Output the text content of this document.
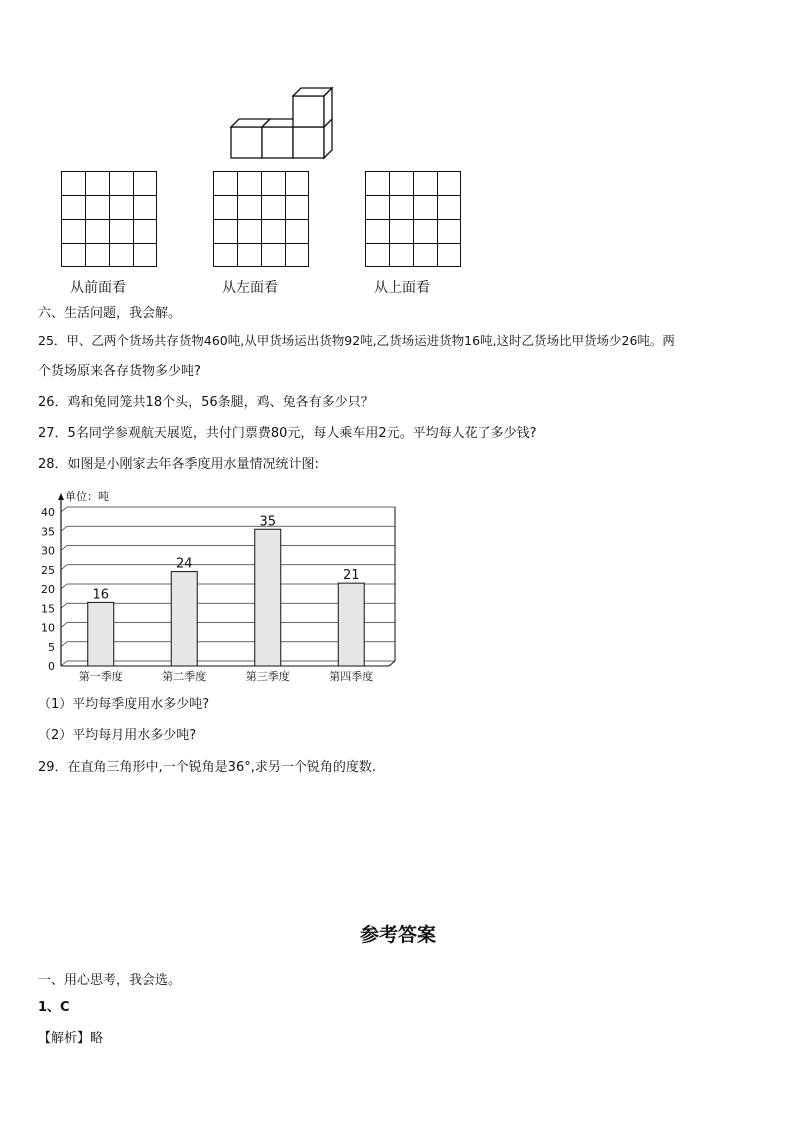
从前面看	从左面看	从上面看
六、生活问题，我会解。
25．甲、乙两个货场共存货物460吨,从甲货场运出货物92吨,乙货场运进货物16吨,这时乙货场比甲货场少26吨。两
个货场原来各存货物多少吨?
26．鸡和兔同笼共18个头，56条腿，鸡、兔各有多少只？
27．5名同学参观航天展览，共付门票费80元，每人乘车用2元。平均每人花了多少钱?
28．如图是小刚家去年各季度用水量情况统计图:
单位：吨
0
5
10
15
20
25
30
35
40
16
24
35
21
第一季度	第二季度	第三季度	第四季度
（1）平均每季度用水多少吨?
（2）平均每月用水多少吨?
29．在直角三角形中,一个锐角是36°,求另一个锐角的度数.
参考答案
一、用心思考，我会选。
1、C
【解析】略
